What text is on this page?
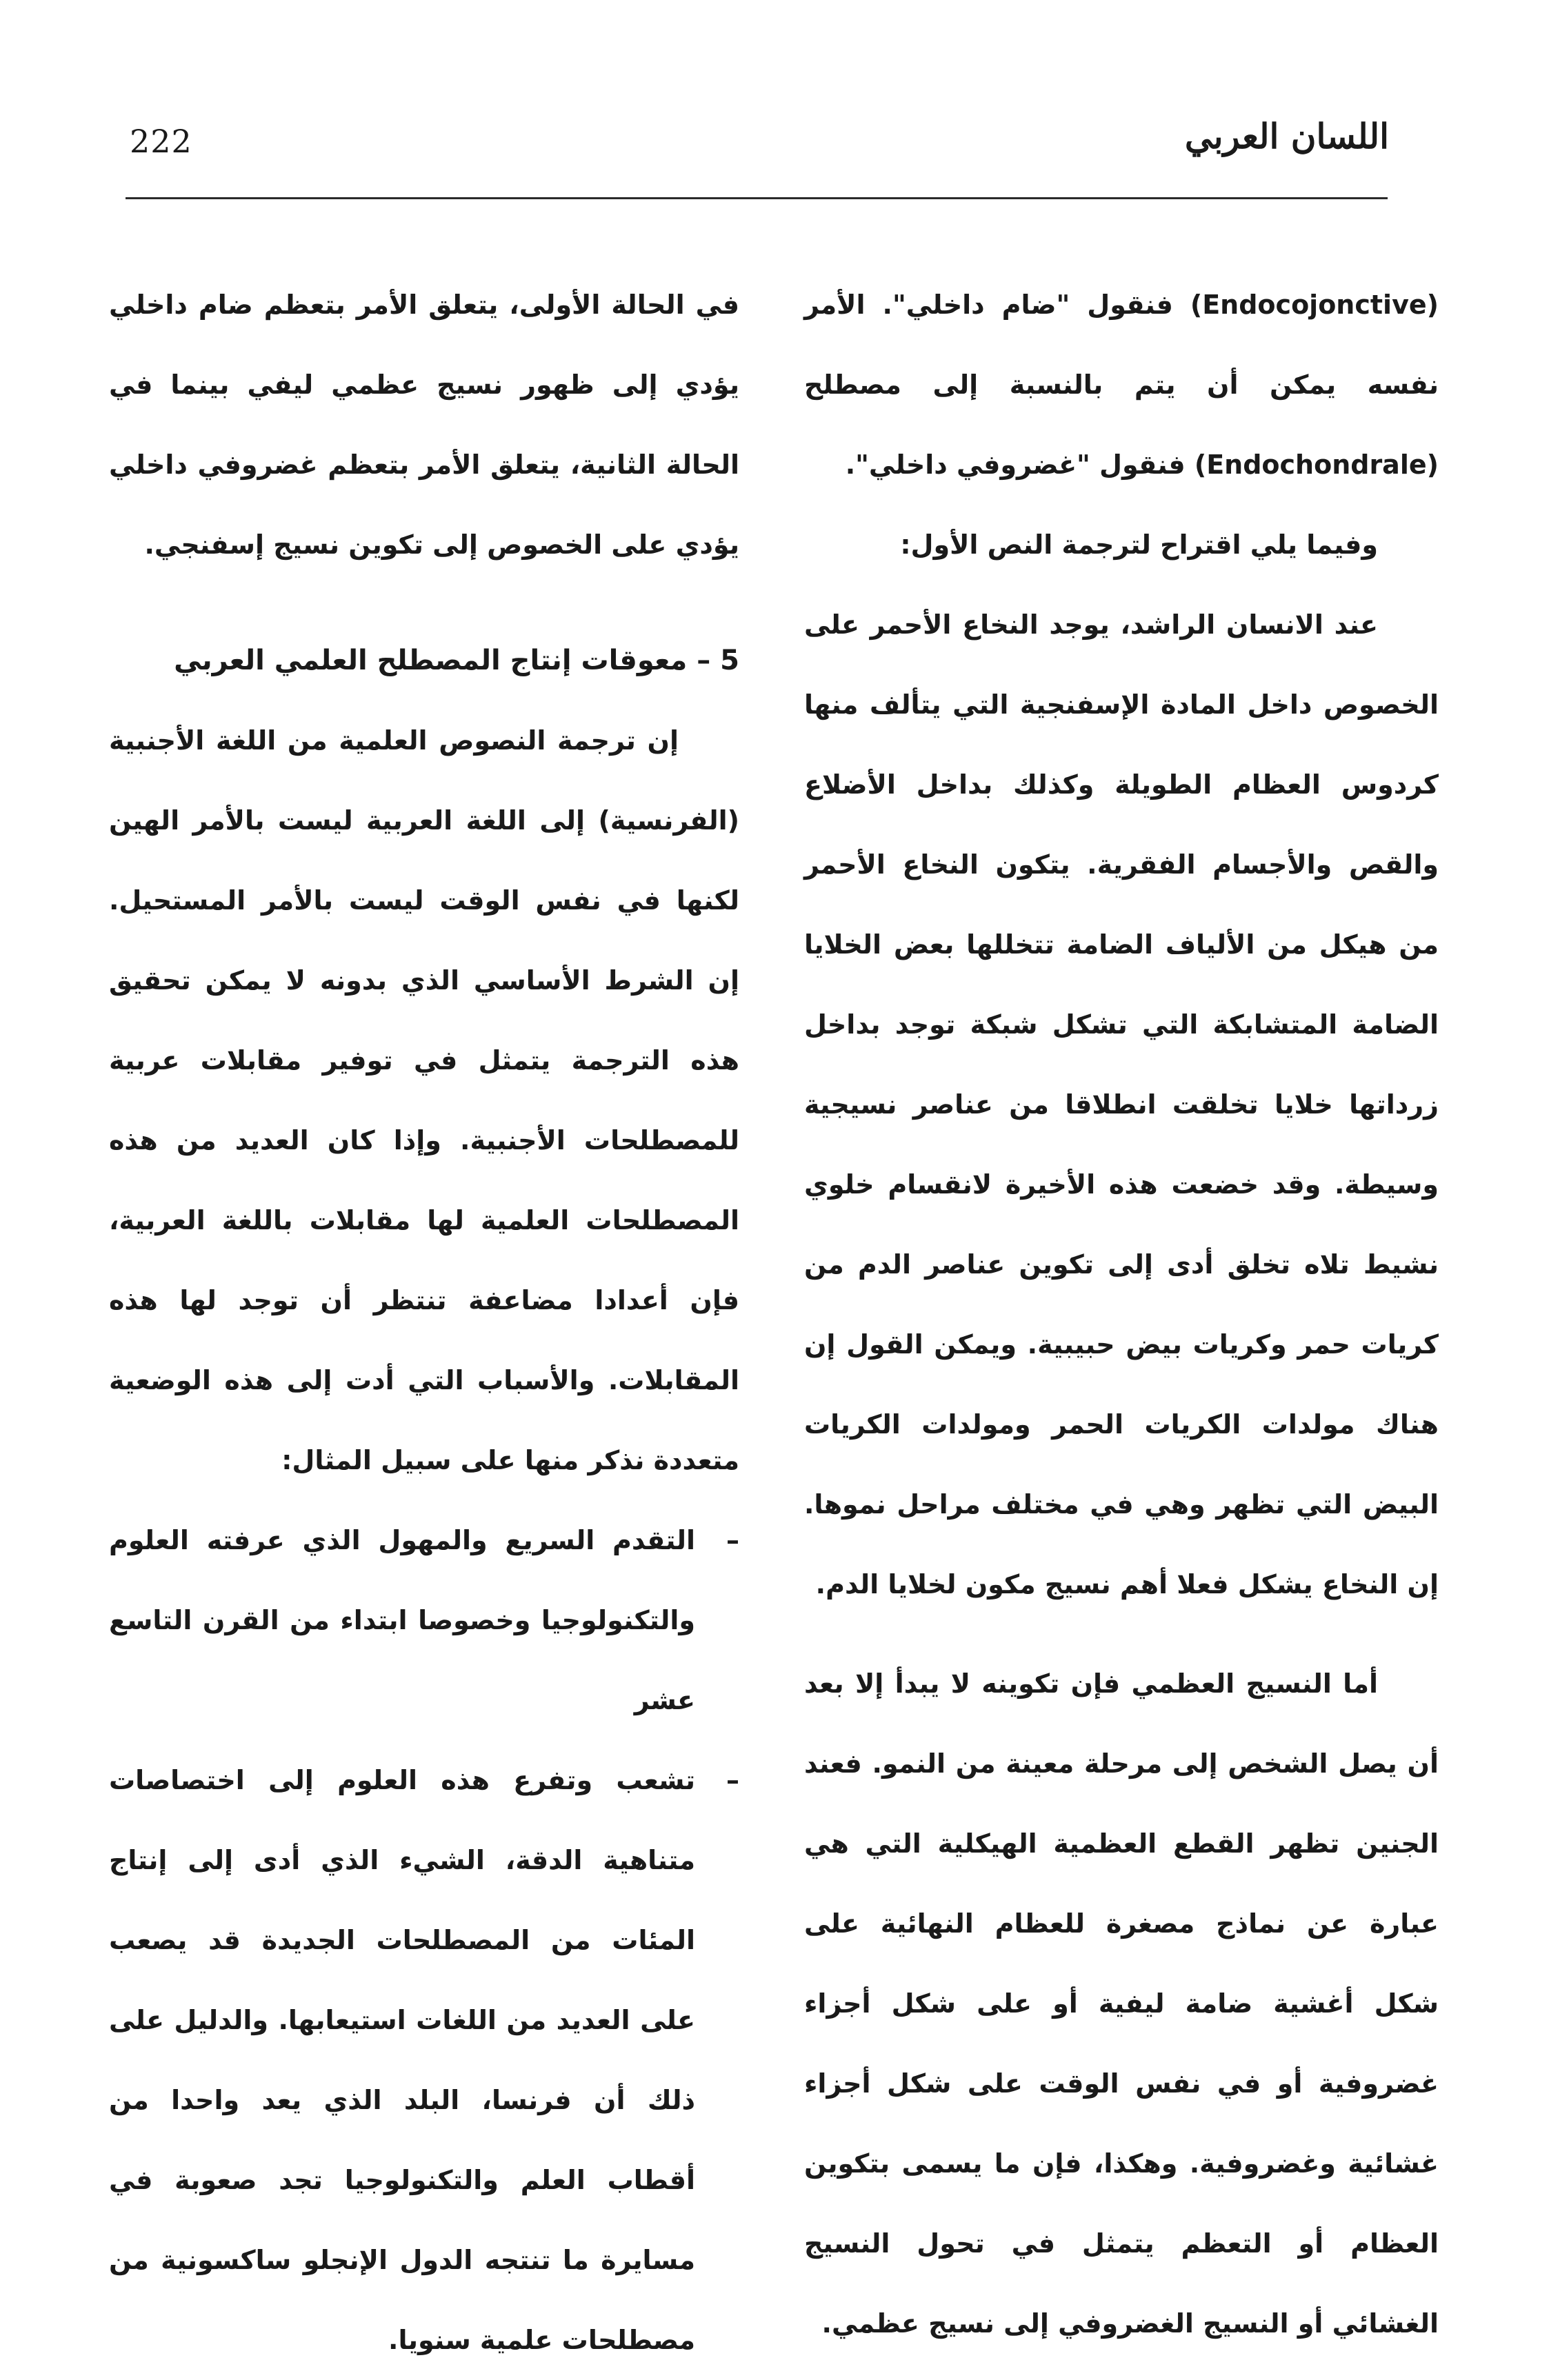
222	اللسان العربي

(Endocojonctive) فنقول "ضام داخلي". الأمر نفسه يمكن أن يتم بالنسبة إلى مصطلح (Endochondrale) فنقول "غضروفي داخلي".

وفيما يلي اقتراح لترجمة النص الأول:

عند الانسان الراشد، يوجد النخاع الأحمر على الخصوص داخل المادة الإسفنجية التي يتألف منها كردوس العظام الطويلة وكذلك بداخل الأضلاع والقص والأجسام الفقرية. يتكون النخاع الأحمر من هيكل من الألياف الضامة تتخللها بعض الخلايا الضامة المتشابكة التي تشكل شبكة توجد بداخل زرداتها خلايا تخلقت انطلاقا من عناصر نسيجية وسيطة. وقد خضعت هذه الأخيرة لانقسام خلوي نشيط تلاه تخلق أدى إلى تكوين عناصر الدم من كريات حمر وكريات بيض حبيبية. ويمكن القول إن هناك مولدات الكريات الحمر ومولدات الكريات البيض التي تظهر وهي في مختلف مراحل نموها. إن النخاع يشكل فعلا أهم نسيج مكون لخلايا الدم.

أما النسيج العظمي فإن تكوينه لا يبدأ إلا بعد أن يصل الشخص إلى مرحلة معينة من النمو. فعند الجنين تظهر القطع العظمية الهيكلية التي هي عبارة عن نماذج مصغرة للعظام النهائية على شكل أغشية ضامة ليفية أو على شكل أجزاء غضروفية أو في نفس الوقت على شكل أجزاء غشائية وغضروفية. وهكذا، فإن ما يسمى بتكوين العظام أو التعظم يتمثل في تحول النسيج الغشائي أو النسيج الغضروفي إلى نسيج عظمي.

في الحالة الأولى، يتعلق الأمر بتعظم ضام داخلي يؤدي إلى ظهور نسيج عظمي ليفي بينما في الحالة الثانية، يتعلق الأمر بتعظم غضروفي داخلي يؤدي على الخصوص إلى تكوين نسيج إسفنجي.

5 – معوقات إنتاج المصطلح العلمي العربي

إن ترجمة النصوص العلمية من اللغة الأجنبية (الفرنسية) إلى اللغة العربية ليست بالأمر الهين لكنها في نفس الوقت ليست بالأمر المستحيل. إن الشرط الأساسي الذي بدونه لا يمكن تحقيق هذه الترجمة يتمثل في توفير مقابلات عربية للمصطلحات الأجنبية. وإذا كان العديد من هذه المصطلحات العلمية لها مقابلات باللغة العربية، فإن أعدادا مضاعفة تنتظر أن توجد لها هذه المقابلات. والأسباب التي أدت إلى هذه الوضعية متعددة نذكر منها على سبيل المثال:

–
التقدم السريع والمهول الذي عرفته العلوم والتكنولوجيا وخصوصا ابتداء من القرن التاسع عشر

–
تشعب وتفرع هذه العلوم إلى اختصاصات متناهية الدقة، الشيء الذي أدى إلى إنتاج المئات من المصطلحات الجديدة قد يصعب على العديد من اللغات استيعابها. والدليل على ذلك أن فرنسا، البلد الذي يعد واحدا من أقطاب العلم والتكنولوجيا تجد صعوبة في مسايرة ما تنتجه الدول الإنجلو ساكسونية من مصطلحات علمية سنويا.
